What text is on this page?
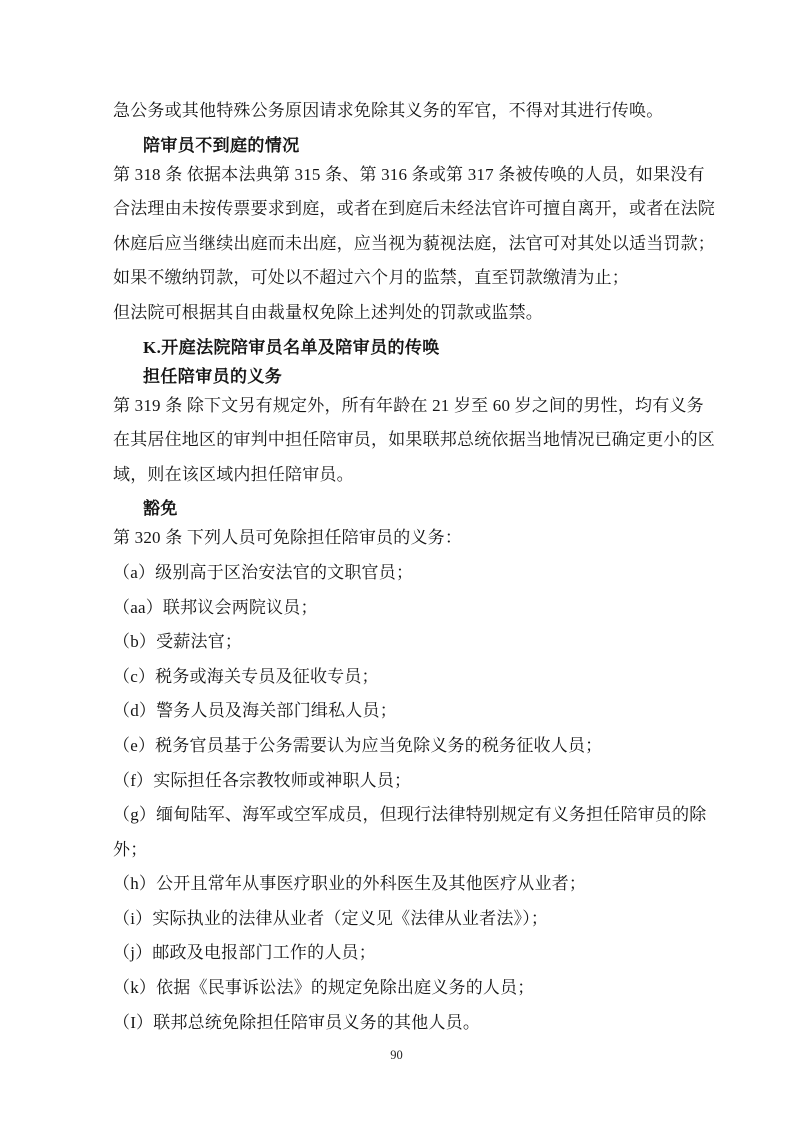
急公务或其他特殊公务原因请求免除其义务的军官，不得对其进行传唤。
陪审员不到庭的情况
第 318 条 依据本法典第 315 条、第 316 条或第 317 条被传唤的人员，如果没有
合法理由未按传票要求到庭，或者在到庭后未经法官许可擅自离开，或者在法院
休庭后应当继续出庭而未出庭，应当视为藐视法庭，法官可对其处以适当罚款；
如果不缴纳罚款，可处以不超过六个月的监禁，直至罚款缴清为止；
但法院可根据其自由裁量权免除上述判处的罚款或监禁。
K.开庭法院陪审员名单及陪审员的传唤
担任陪审员的义务
第 319 条 除下文另有规定外，所有年龄在 21 岁至 60 岁之间的男性，均有义务
在其居住地区的审判中担任陪审员，如果联邦总统依据当地情况已确定更小的区
域，则在该区域内担任陪审员。
豁免
第 320 条 下列人员可免除担任陪审员的义务：
（a）级别高于区治安法官的文职官员；
（aa）联邦议会两院议员；
（b）受薪法官；
（c）税务或海关专员及征收专员；
（d）警务人员及海关部门缉私人员；
（e）税务官员基于公务需要认为应当免除义务的税务征收人员；
（f）实际担任各宗教牧师或神职人员；
（g）缅甸陆军、海军或空军成员，但现行法律特别规定有义务担任陪审员的除
外；
（h）公开且常年从事医疗职业的外科医生及其他医疗从业者；
（i）实际执业的法律从业者（定义见《法律从业者法》）；
（j）邮政及电报部门工作的人员；
（k）依据《民事诉讼法》的规定免除出庭义务的人员；
（I）联邦总统免除担任陪审员义务的其他人员。
90
